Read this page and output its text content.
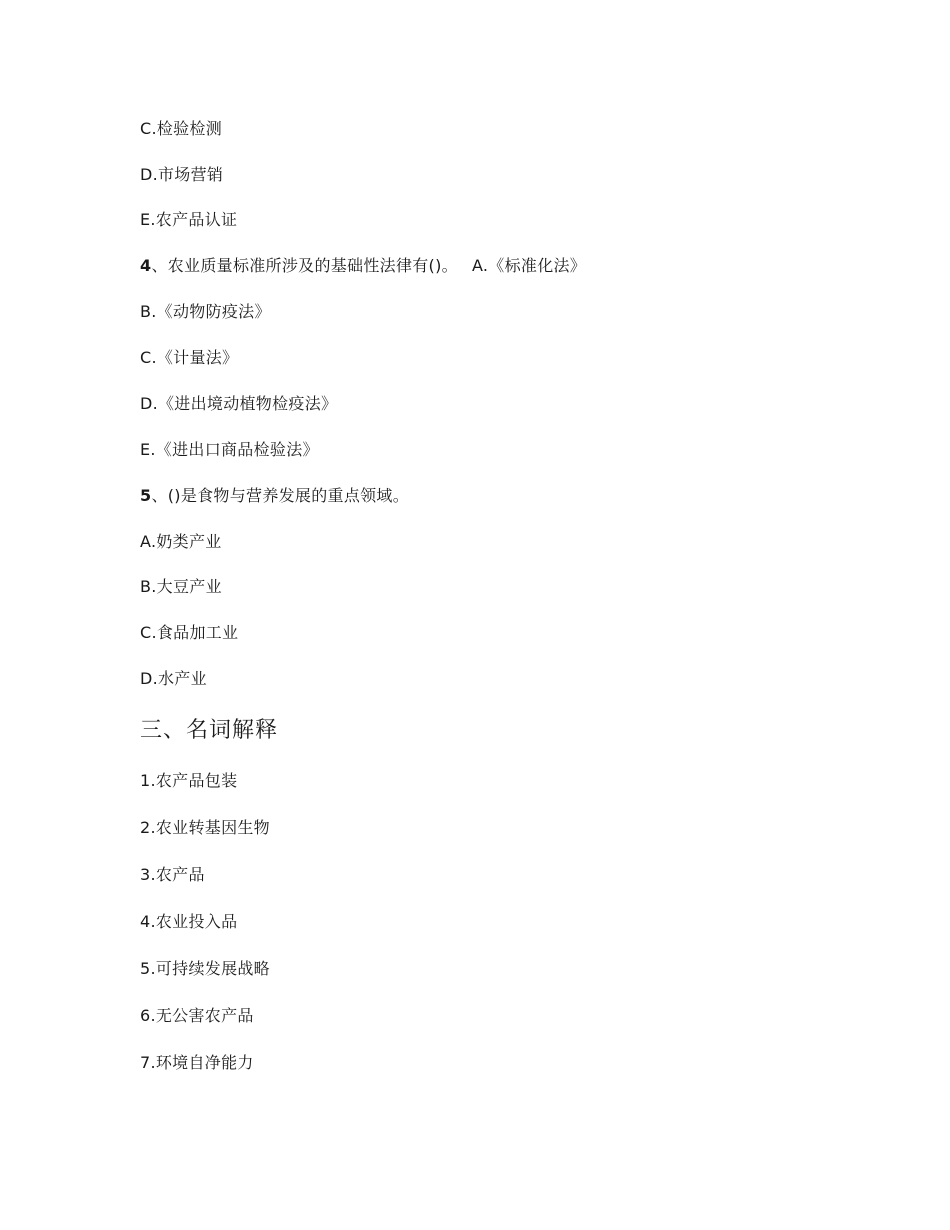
C.检验检测
D.市场营销
E.农产品认证
4、农业质量标准所涉及的基础性法律有()。 A.《标准化法》
B.《动物防疫法》
C.《计量法》
D.《进出境动植物检疫法》
E.《进出口商品检验法》
5、()是食物与营养发展的重点领域。
A.奶类产业
B.大豆产业
C.食品加工业
D.水产业
三、名词解释
1.农产品包装
2.农业转基因生物
3.农产品
4.农业投入品
5.可持续发展战略
6.无公害农产品
7.环境自净能力
